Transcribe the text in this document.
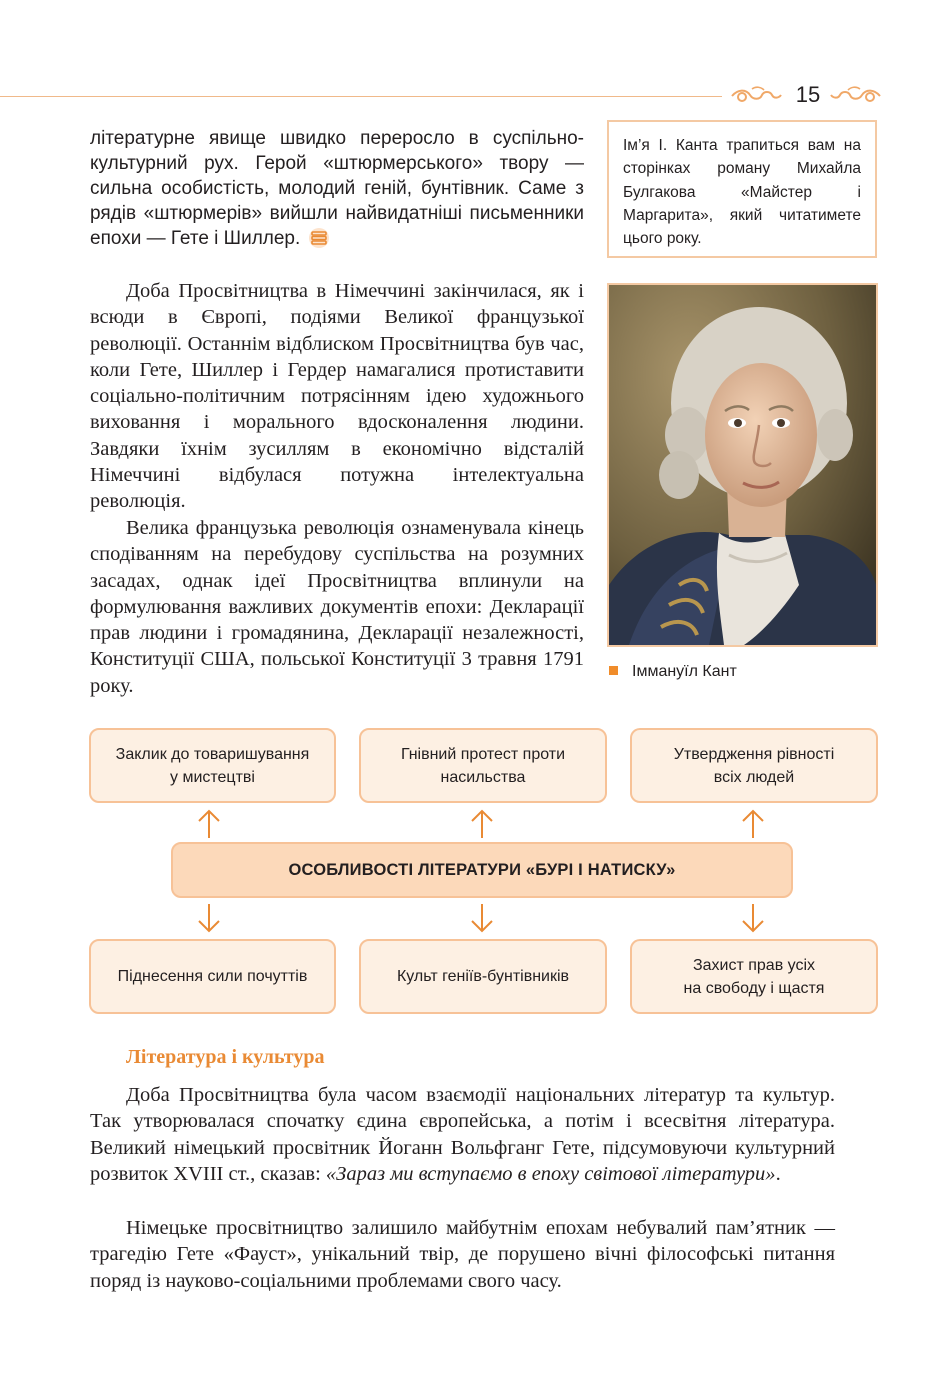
15

літературне явище швидко переросло в суспільно-культурний рух. Герой «штюрмерського» твору — сильна особистість, молодий геній, бунтівник. Саме з рядів «штюрмерів» вийшли найвидатніші письменники епохи — Гете і Шиллер.

Ім’я І. Канта трапиться вам на сторінках роману Михайла Булгакова «Майстер і Маргарита», який читатимете цього року.

Іммануїл Кант

Доба Просвітництва в Німеччині закінчилася, як і всюди в Європі, подіями Великої французької революції. Останнім відблиском Просвітництва був час, коли Гете, Шиллер і Гердер намагалися протиставити соціально-політичним потрясінням ідею художнього виховання і морального вдосконалення людини. Завдяки їхнім зусиллям в економічно відсталій Німеччині відбулася потужна інтелектуальна революція.

Велика французька революція ознаменувала кінець сподіванням на перебудову суспільства на розумних засадах, однак ідеї Просвітництва вплинули на формулювання важливих документів епохи: Декларації прав людини і громадянина, Декларації незалежності, Конституції США, польської Конституції 3 травня 1791 року.

Заклик до товаришування
у мистецтві
Гнівний протест проти
насильства
Утвердження рівності
всіх людей
ОСОБЛИВОСТІ ЛІТЕРАТУРИ «БУРІ І НАТИСКУ»
Піднесення сили почуттів	Культ геніїв-бунтівників
Захист прав усіх
на свободу і щастя
Література і культура

Доба Просвітництва була часом взаємодії національних літератур та культур. Так утворювалася спочатку єдина європейська, а потім і всесвітня література. Великий німецький просвітник Йоганн Вольфганг Гете, підсумовуючи культурний розвиток XVIII ст., сказав: «Зараз ми вступаємо в епоху світової літератури».

Німецьке просвітництво залишило майбутнім епохам небувалий пам’ятник — трагедію Гете «Фауст», унікальний твір, де порушено вічні філософські питання поряд із науково-соціальними проблемами свого часу.
